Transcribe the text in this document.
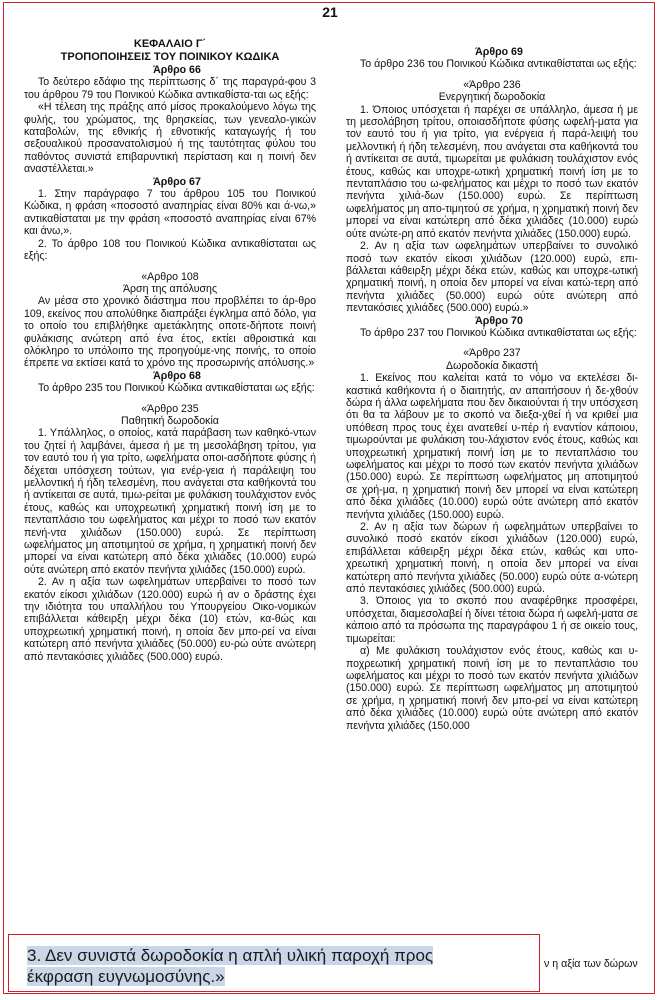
21
ΚΕΦΑΛΑΙΟ Γ΄
ΤΡΟΠΟΠΟΙΗΣΕΙΣ ΤΟΥ ΠΟΙΝΙΚΟΥ ΚΩΔΙΚΑ

Άρθρο 66

Το δεύτερο εδάφιο της περίπτωσης δ΄ της παραγρά-φου 3 του άρθρου 79 του Ποινικού Κώδικα αντικαθίστα-ται ως εξής:

«Η τέλεση της πράξης από μίσος προκαλούμενο λόγω της φυλής, του χρώματος, της θρησκείας, των γενεαλο-γικών καταβολών, της εθνικής ή εθνοτικής καταγωγής ή του σεξουαλικού προσανατολισμού ή της ταυτότητας φύλου του παθόντος συνιστά επιβαρυντική περίσταση και η ποινή δεν αναστέλλεται.»

Άρθρο 67

1. Στην παράγραφο 7 του άρθρου 105 του Ποινικού Κώδικα, η φράση «ποσοστό αναπηρίας είναι 80% και ά-νω,» αντικαθίσταται με την φράση «ποσοστό αναπηρίας είναι 67% και άνω,».

2. Το άρθρο 108 του Ποινικού Κώδικα αντικαθίσταται ως εξής:

«Αρθρο 108

Άρση της απόλυσης

Αν μέσα στο χρονικό διάστημα που προβλέπει το άρ-θρο 109, εκείνος που απολύθηκε διαπράξει έγκλημα από δόλο, για το οποίο του επιβλήθηκε αμετάκλητης οποτε-δήποτε ποινή φυλάκισης ανώτερη από ένα έτος, εκτίει αθροιστικά και ολόκληρο το υπόλοιπο της προηγούμε-νης ποινής, το οποίο έπρεπε να εκτίσει κατά το χρόνο της προσωρινής απόλυσης.»

Άρθρο 68

Το άρθρο 235 του Ποινικού Κώδικα αντικαθίσταται ως εξής:

«Άρθρο 235

Παθητική δωροδοκία

1. Υπάλληλος, ο οποίος, κατά παράβαση των καθηκό-ντων του ζητεί ή λαμβάνει, άμεσα ή με τη μεσολάβηση τρίτου, για τον εαυτό του ή για τρίτο, ωφελήματα οποι-ασδήποτε φύσης ή δέχεται υπόσχεση τούτων, για ενέρ-γεια ή παράλειψη του μελλοντική ή ήδη τελεσμένη, που ανάγεται στα καθήκοντά του ή αντίκειται σε αυτά, τιμω-ρείται με φυλάκιση τουλάχιστον ενός έτους, καθώς και υποχρεωτική χρηματική ποινή ίση με το πενταπλάσιο του ωφελήματος και μέχρι το ποσό των εκατόν πενή-ντα χιλιάδων (150.000) ευρώ. Σε περίπτωση ωφελήματος μη αποτιμητού σε χρήμα, η χρηματική ποινή δεν μπορεί να είναι κατώτερη από δέκα χιλιάδες (10.000) ευρώ ούτε ανώτερη από εκατόν πενήντα χιλιάδες (150.000) ευρώ.

2. Αν η αξία των ωφελημάτων υπερβαίνει το ποσό των εκατόν είκοσι χιλιάδων (120.000) ευρώ ή αν ο δράστης έχει την ιδιότητα του υπαλλήλου του Υπουργείου Οικο-νομικών επιβάλλεται κάθειρξη μέχρι δέκα (10) ετών, κα-θώς και υποχρεωτική χρηματική ποινή, η οποία δεν μπο-ρεί να είναι κατώτερη από πενήντα χιλιάδες (50.000) ευ-ρώ ούτε ανώτερη από πεντακόσιες χιλιάδες (500.000) ευρώ.

Άρθρο 69

Το άρθρο 236 του Ποινικού Κώδικα αντικαθίσταται ως εξής:

«Άρθρο 236

Ενεργητική δωροδοκία

1. Όποιος υπόσχεται ή παρέχει σε υπάλληλο, άμεσα ή με τη μεσολάβηση τρίτου, οποιασδήποτε φύσης ωφελή-ματα για τον εαυτό του ή για τρίτο, για ενέργεια ή παρά-λειψή του μελλοντική ή ήδη τελεσμένη, που ανάγεται στα καθήκοντά του ή αντίκειται σε αυτά, τιμωρείται με φυλάκιση τουλάχιστον ενός έτους, καθώς και υποχρε-ωτική χρηματική ποινή ίση με το πενταπλάσιο του ω-φελήματος και μέχρι το ποσό των εκατόν πενήντα χιλιά-δων (150.000) ευρώ. Σε περίπτωση ωφελήματος μη απο-τιμητού σε χρήμα, η χρηματική ποινή δεν μπορεί να είναι κατώτερη από δέκα χιλιάδες (10.000) ευρώ ούτε ανώτε-ρη από εκατόν πενήντα χιλιάδες (150.000) ευρώ.

2. Αν η αξία των ωφελημάτων υπερβαίνει το συνολικό ποσό των εκατόν είκοσι χιλιάδων (120.000) ευρώ, επι-βάλλεται κάθειρξη μέχρι δέκα ετών, καθώς και υποχρε-ωτική χρηματική ποινή, η οποία δεν μπορεί να είναι κατώ-τερη από πενήντα χιλιάδες (50.000) ευρώ ούτε ανώτερη από πεντακόσιες χιλιάδες (500.000) ευρώ.»

Άρθρο 70

Το άρθρο 237 του Ποινικού Κώδικα αντικαθίσταται ως εξής:

«Άρθρο 237

Δωροδοκία δικαστή

1. Εκείνος που καλείται κατά το νόμο να εκτελέσει δι-καστικά καθήκοντα ή ο διαιτητής, αν απαιτήσουν ή δε-χθούν δώρα ή άλλα ωφελήματα που δεν δικαιούνται ή την υπόσχεση ότι θα τα λάβουν με το σκοπό να διεξα-χθεί ή να κριθεί μια υπόθεση προς τους έχει ανατεθεί υ-πέρ ή εναντίον κάποιου, τιμωρούνται με φυλάκιση του-λάχιστον ενός έτους, καθώς και υποχρεωτική χρηματική ποινή ίση με το πενταπλάσιο του ωφελήματος και μέχρι το ποσό των εκατόν πενήντα χιλιάδων (150.000) ευρώ. Σε περίπτωση ωφελήματος μη αποτιμητού σε χρή-μα, η χρηματική ποινή δεν μπορεί να είναι κατώτερη από δέκα χιλιάδες (10.000) ευρώ ούτε ανώτερη από εκατόν πενήντα χιλιάδες (150.000) ευρώ.

2. Αν η αξία των δώρων ή ωφελημάτων υπερβαίνει το συνολικό ποσό εκατόν είκοσι χιλιάδων (120.000) ευρώ, επιβάλλεται κάθειρξη μέχρι δέκα ετών, καθώς και υπο-χρεωτική χρηματική ποινή, η οποία δεν μπορεί να είναι κατώτερη από πενήντα χιλιάδες (50.000) ευρώ ούτε α-νώτερη από πεντακόσιες χιλιάδες (500.000) ευρώ.

3. Όποιος για το σκοπό που αναφέρθηκε προσφέρει, υπόσχεται, διαμεσολαβεί ή δίνει τέτοια δώρα ή ωφελή-ματα σε κάποιο από τα πρόσωπα της παραγράφου 1 ή σε οικείο τους, τιμωρείται:

α) Με φυλάκιση τουλάχιστον ενός έτους, καθώς και υ-ποχρεωτική χρηματική ποινή ίση με το πενταπλάσιο του ωφελήματος και μέχρι το ποσό των εκατόν πενήντα χιλιάδων (150.000) ευρώ. Σε περίπτωση ωφελήματος μη αποτιμητού σε χρήμα, η χρηματική ποινή δεν μπο-ρεί να είναι κατώτερη από δέκα χιλιάδες (10.000) ευρώ ούτε ανώτερη από εκατόν πενήντα χιλιάδες (150.000

3. Δεν συνιστά δωροδοκία η απλή υλική παροχή προς
έκφραση ευγνωμοσύνης.»
ν η αξία των δώρων
